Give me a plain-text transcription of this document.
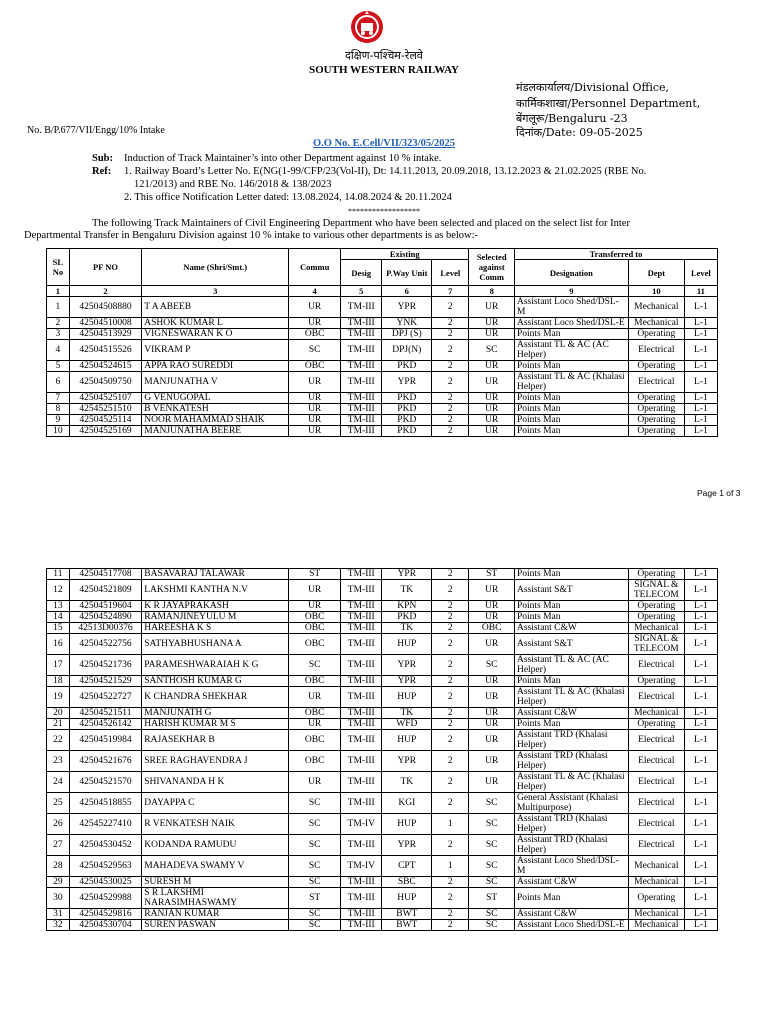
दक्षिण-पश्चिम-रेलवे
SOUTH WESTERN RAILWAY
मंडलकार्यालय/Divisional Office,
कार्मिकशाखा/Personnel Department,
बेंगलूरू/Bengaluru -23
दिनांक/Date: 09-05-2025
No. B/P.677/VII/Engg/10% Intake
O.O No. E.Cell/VII/323/05/2025
Sub: Induction of Track Maintainer’s into other Department against 10 % intake.
Ref: 1. Railway Board’s Letter No. E(NG(1-99/CFP/23(Vol-II), Dt: 14.11.2013, 20.09.2018, 13.12.2023 & 21.02.2025 (RBE No.
121/2013) and RBE No. 146/2018 & 138/2023
2. This office Notification Letter dated: 13.08.2024, 14.08.2024 & 20.11.2024
******************
The following Track Maintainers of Civil Engineering Department who have been selected and placed on the select list for Inter
Departmental Transfer in Bengaluru Division against 10 % intake to various other departments is as below:-
SL No	PF NO	Name (Shri/Smt.)	Commu	Existing			Selected against Comm	Transferred to		
				Desig	P.Way Unit	Level		Designation	Dept	Level
1	2	3	4	5	6	7	8	9	10	11
1	42504508880	T A ABEEB	UR	TM-III	YPR	2	UR	Assistant Loco Shed/DSL-M	Mechanical	L-1
2	42504510008	ASHOK KUMAR L	UR	TM-III	YNK	2	UR	Assistant Loco Shed/DSL-E	Mechanical	L-1
3	42504513929	VIGNESWARAN K O	OBC	TM-III	DPJ (S)	2	UR	Points Man	Operating	L-1
4	42504515526	VIKRAM P	SC	TM-III	DPJ(N)	2	SC	Assistant TL & AC (AC Helper)	Electrical	L-1
5	42504524615	APPA RAO SUREDDI	OBC	TM-III	PKD	2	UR	Points Man	Operating	L-1
6	42504509750	MANJUNATHA V	UR	TM-III	YPR	2	UR	Assistant TL & AC (Khalasi Helper)	Electrical	L-1
7	42504525107	G VENUGOPAL	UR	TM-III	PKD	2	UR	Points Man	Operating	L-1
8	42545251510	B VENKATESH	UR	TM-III	PKD	2	UR	Points Man	Operating	L-1
9	42504525114	NOOR MAHAMMAD SHAIK	UR	TM-III	PKD	2	UR	Points Man	Operating	L-1
10	42504525169	MANJUNATHA BEERE	UR	TM-III	PKD	2	UR	Points Man	Operating	L-1
Page 1 of 3
11	42504517708	BASAVARAJ TALAWAR	ST	TM-III	YPR	2	ST	Points Man	Operating	L-1
12	42504521809	LAKSHMI KANTHA N.V	UR	TM-III	TK	2	UR	Assistant S&T	SIGNAL & TELECOM	L-1
13	42504519604	K R JAYAPRAKASH	UR	TM-III	KPN	2	UR	Points Man	Operating	L-1
14	42504524890	RAMANJINEYULU M	OBC	TM-III	PKD	2	UR	Points Man	Operating	L-1
15	42513D00376	HAREESHA K S	OBC	TM-III	TK	2	OBC	Assistant C&W	Mechanical	L-1
16	42504522756	SATHYABHUSHANA A	OBC	TM-III	HUP	2	UR	Assistant S&T	SIGNAL & TELECOM	L-1
17	42504521736	PARAMESHWARAIAH K G	SC	TM-III	YPR	2	SC	Assistant TL & AC (AC Helper)	Electrical	L-1
18	42504521529	SANTHOSH KUMAR G	OBC	TM-III	YPR	2	UR	Points Man	Operating	L-1
19	42504522727	K CHANDRA SHEKHAR	UR	TM-III	HUP	2	UR	Assistant TL & AC (Khalasi Helper)	Electrical	L-1
20	42504521511	MANJUNATH G	OBC	TM-III	TK	2	UR	Assistant C&W	Mechanical	L-1
21	42504526142	HARISH KUMAR M S	UR	TM-III	WFD	2	UR	Points Man	Operating	L-1
22	42504519984	RAJASEKHAR B	OBC	TM-III	HUP	2	UR	Assistant TRD (Khalasi Helper)	Electrical	L-1
23	42504521676	SREE RAGHAVENDRA J	OBC	TM-III	YPR	2	UR	Assistant TRD (Khalasi Helper)	Electrical	L-1
24	42504521570	SHIVANANDA H K	UR	TM-III	TK	2	UR	Assistant TL & AC (Khalasi Helper)	Electrical	L-1
25	42504518855	DAYAPPA C	SC	TM-III	KGI	2	SC	General Assistant (Khalasi Multipurpose)	Electrical	L-1
26	42545227410	R VENKATESH NAIK	SC	TM-IV	HUP	1	SC	Assistant TRD (Khalasi Helper)	Electrical	L-1
27	42504530452	KODANDA RAMUDU	SC	TM-III	YPR	2	SC	Assistant TRD (Khalasi Helper)	Electrical	L-1
28	42504529563	MAHADEVA SWAMY V	SC	TM-IV	CPT	1	SC	Assistant Loco Shed/DSL-M	Mechanical	L-1
29	42504530025	SURESH M	SC	TM-III	SBC	2	SC	Assistant C&W	Mechanical	L-1
30	42504529988	S R LAKSHMI NARASIMHASWAMY	ST	TM-III	HUP	2	ST	Points Man	Operating	L-1
31	42504529816	RANJAN KUMAR	SC	TM-III	BWT	2	SC	Assistant C&W	Mechanical	L-1
32	42504530704	SUREN PASWAN	SC	TM-III	BWT	2	SC	Assistant Loco Shed/DSL-E	Mechanical	L-1
